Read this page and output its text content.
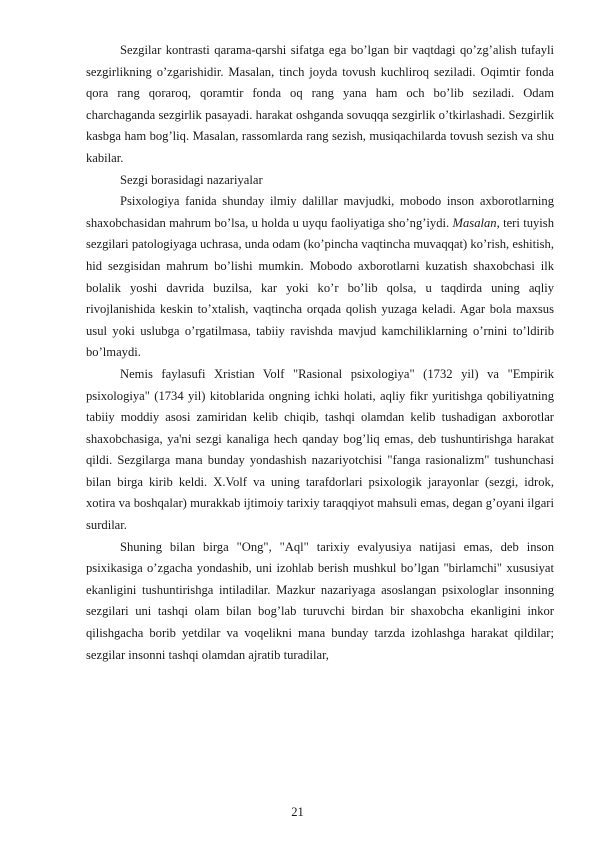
Sezgilar kontrasti qarama-qarshi sifatga ega bo’lgan bir vaqtdagi qo’zg’alish tufayli sezgirlikning o’zgarishidir. Masalan, tinch joyda tovush kuchliroq seziladi. Oqimtir fonda qora rang qoraroq, qoramtir fonda oq rang yana ham och bo’lib seziladi. Odam charchaganda sezgirlik pasayadi. harakat oshganda sovuqqa sezgirlik o’tkirlashadi. Sezgirlik kasbga ham bog’liq. Masalan, rassomlarda rang sezish, musiqachilarda tovush sezish va shu kabilar.

Sezgi borasidagi nazariyalar

Psixologiya fanida shunday ilmiy dalillar mavjudki, mobodo inson axborotlarning shaxobchasidan mahrum bo’lsa, u holda u uyqu faoliyatiga sho’ng’iydi. Masalan, teri tuyish sezgilari patologiyaga uchrasa, unda odam (ko’pincha vaqtincha muvaqqat) ko’rish, eshitish, hid sezgisidan mahrum bo’lishi mumkin. Mobodo axborotlarni kuzatish shaxobchasi ilk bolalik yoshi davrida buzilsa, kar yoki ko’r bo’lib qolsa, u taqdirda uning aqliy rivojlanishida keskin to’xtalish, vaqtincha orqada qolish yuzaga keladi. Agar bola maxsus usul yoki uslubga o’rgatilmasa, tabiiy ravishda mavjud kamchiliklarning o’rnini to’ldirib bo’lmaydi.

Nemis faylasufi Xristian Volf "Rasional psixologiya" (1732 yil) va "Empirik psixologiya" (1734 yil) kitoblarida ongning ichki holati, aqliy fikr yuritishga qobiliyatning tabiiy moddiy asosi zamiridan kelib chiqib, tashqi olamdan kelib tushadigan axborotlar shaxobchasiga, ya'ni sezgi kanaliga hech qanday bog’liq emas, deb tushuntirishga harakat qildi. Sezgilarga mana bunday yondashish nazariyotchisi "fanga rasionalizm" tushunchasi bilan birga kirib keldi. X.Volf va uning tarafdorlari psixologik jarayonlar (sezgi, idrok, xotira va boshqalar) murakkab ijtimoiy tarixiy taraqqiyot mahsuli emas, degan g’oyani ilgari surdilar.

Shuning bilan birga "Ong", "Aql" tarixiy evalyusiya natijasi emas, deb inson psixikasiga o’zgacha yondashib, uni izohlab berish mushkul bo’lgan "birlamchi" xususiyat ekanligini tushuntirishga intiladilar. Mazkur nazariyaga asoslangan psixologlar insonning sezgilari uni tashqi olam bilan bog’lab turuvchi birdan bir shaxobcha ekanligini inkor qilishgacha borib yetdilar va voqelikni mana bunday tarzda izohlashga harakat qildilar; sezgilar insonni tashqi olamdan ajratib turadilar,

21
